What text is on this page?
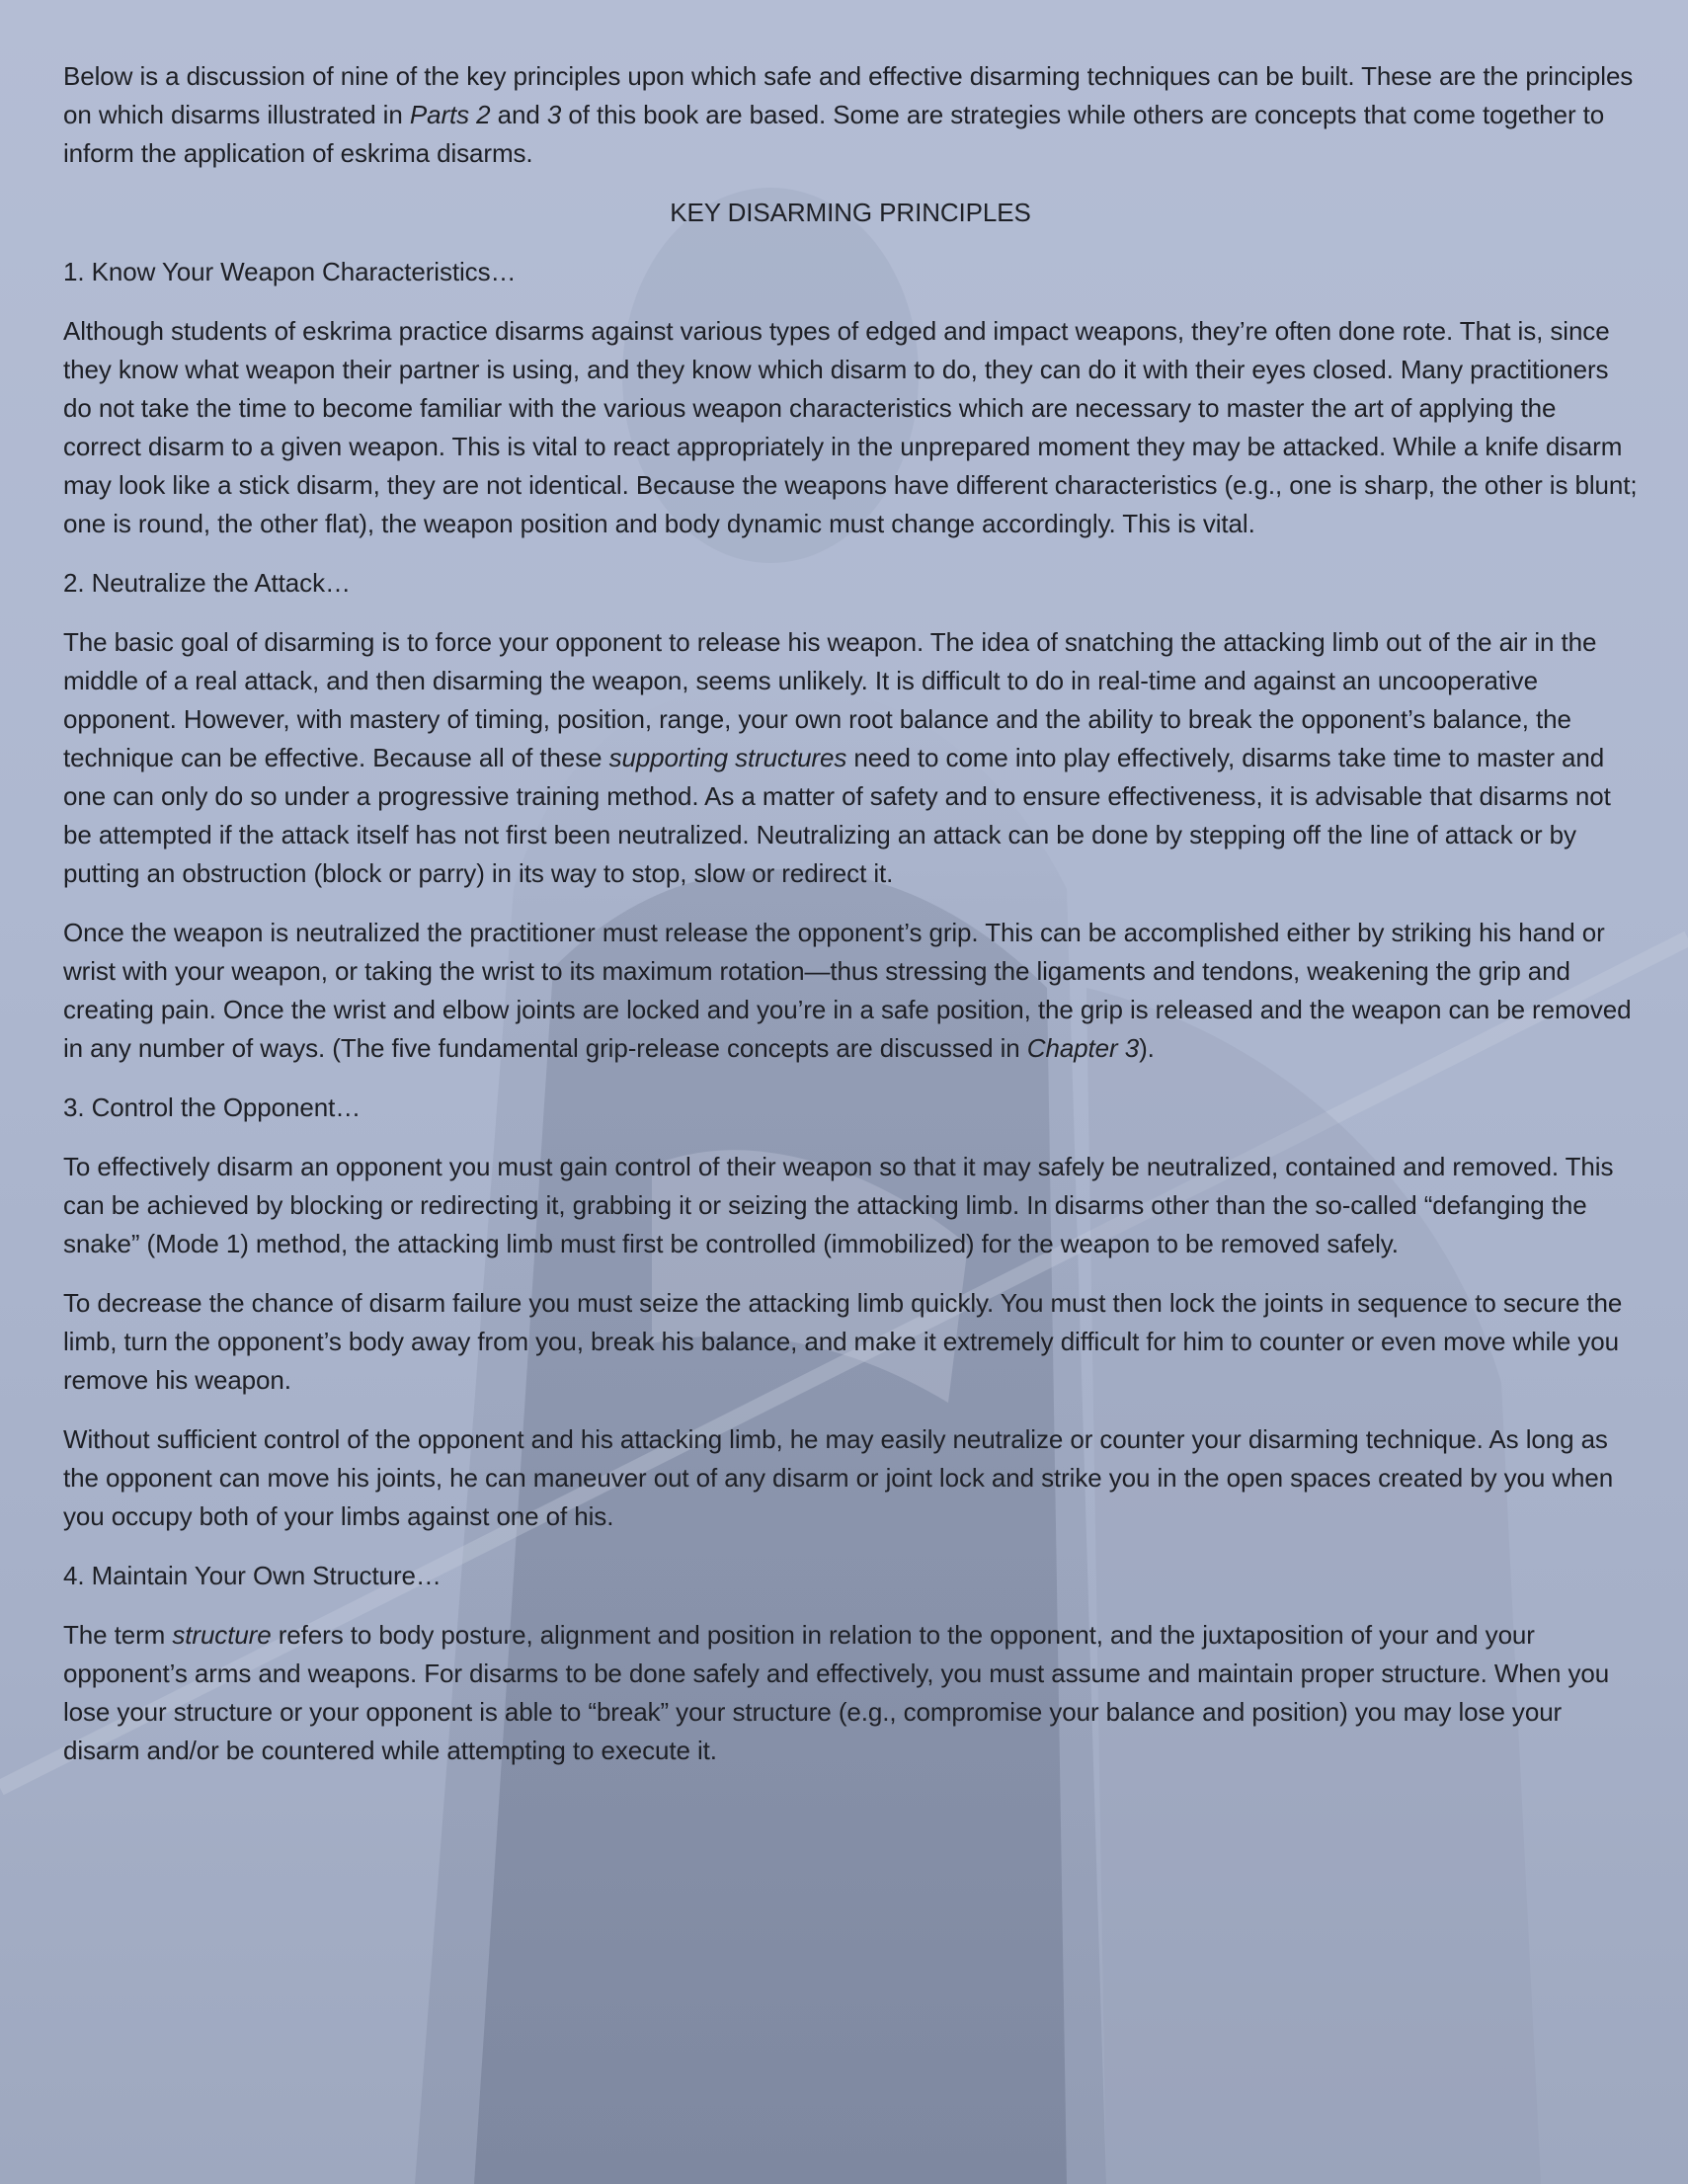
Below is a discussion of nine of the key principles upon which safe and effective disarming techniques can be built. These are the principles on which disarms illustrated in Parts 2 and 3 of this book are based. Some are strategies while others are concepts that come together to inform the application of eskrima disarms.

KEY DISARMING PRINCIPLES

1. Know Your Weapon Characteristics…

Although students of eskrima practice disarms against various types of edged and impact weapons, they’re often done rote. That is, since they know what weapon their partner is using, and they know which disarm to do, they can do it with their eyes closed. Many practitioners do not take the time to become familiar with the various weapon characteristics which are necessary to master the art of applying the correct disarm to a given weapon. This is vital to react appropriately in the unprepared moment they may be attacked. While a knife disarm may look like a stick disarm, they are not identical. Because the weapons have different characteristics (e.g., one is sharp, the other is blunt; one is round, the other flat), the weapon position and body dynamic must change accordingly. This is vital.

2. Neutralize the Attack…

The basic goal of disarming is to force your opponent to release his weapon. The idea of snatching the attacking limb out of the air in the middle of a real attack, and then disarming the weapon, seems unlikely. It is difficult to do in real-time and against an uncooperative opponent. However, with mastery of timing, position, range, your own root balance and the ability to break the opponent’s balance, the technique can be effective. Because all of these supporting structures need to come into play effectively, disarms take time to master and one can only do so under a progressive training method. As a matter of safety and to ensure effectiveness, it is advisable that disarms not be attempted if the attack itself has not first been neutralized. Neutralizing an attack can be done by stepping off the line of attack or by putting an obstruction (block or parry) in its way to stop, slow or redirect it.

Once the weapon is neutralized the practitioner must release the opponent’s grip. This can be accomplished either by striking his hand or wrist with your weapon, or taking the wrist to its maximum rotation—thus stressing the ligaments and tendons, weakening the grip and creating pain. Once the wrist and elbow joints are locked and you’re in a safe position, the grip is released and the weapon can be removed in any number of ways. (The five fundamental grip-release concepts are discussed in Chapter 3).

3. Control the Opponent…

To effectively disarm an opponent you must gain control of their weapon so that it may safely be neutralized, contained and removed. This can be achieved by blocking or redirecting it, grabbing it or seizing the attacking limb. In disarms other than the so-called “defanging the snake” (Mode 1) method, the attacking limb must first be controlled (immobilized) for the weapon to be removed safely.

To decrease the chance of disarm failure you must seize the attacking limb quickly. You must then lock the joints in sequence to secure the limb, turn the opponent’s body away from you, break his balance, and make it extremely difficult for him to counter or even move while you remove his weapon.

Without sufficient control of the opponent and his attacking limb, he may easily neutralize or counter your disarming technique. As long as the opponent can move his joints, he can maneuver out of any disarm or joint lock and strike you in the open spaces created by you when you occupy both of your limbs against one of his.

4. Maintain Your Own Structure…

The term structure refers to body posture, alignment and position in relation to the opponent, and the juxtaposition of your and your opponent’s arms and weapons. For disarms to be done safely and effectively, you must assume and maintain proper structure. When you lose your structure or your opponent is able to “break” your structure (e.g., compromise your balance and position) you may lose your disarm and/or be countered while attempting to execute it.
